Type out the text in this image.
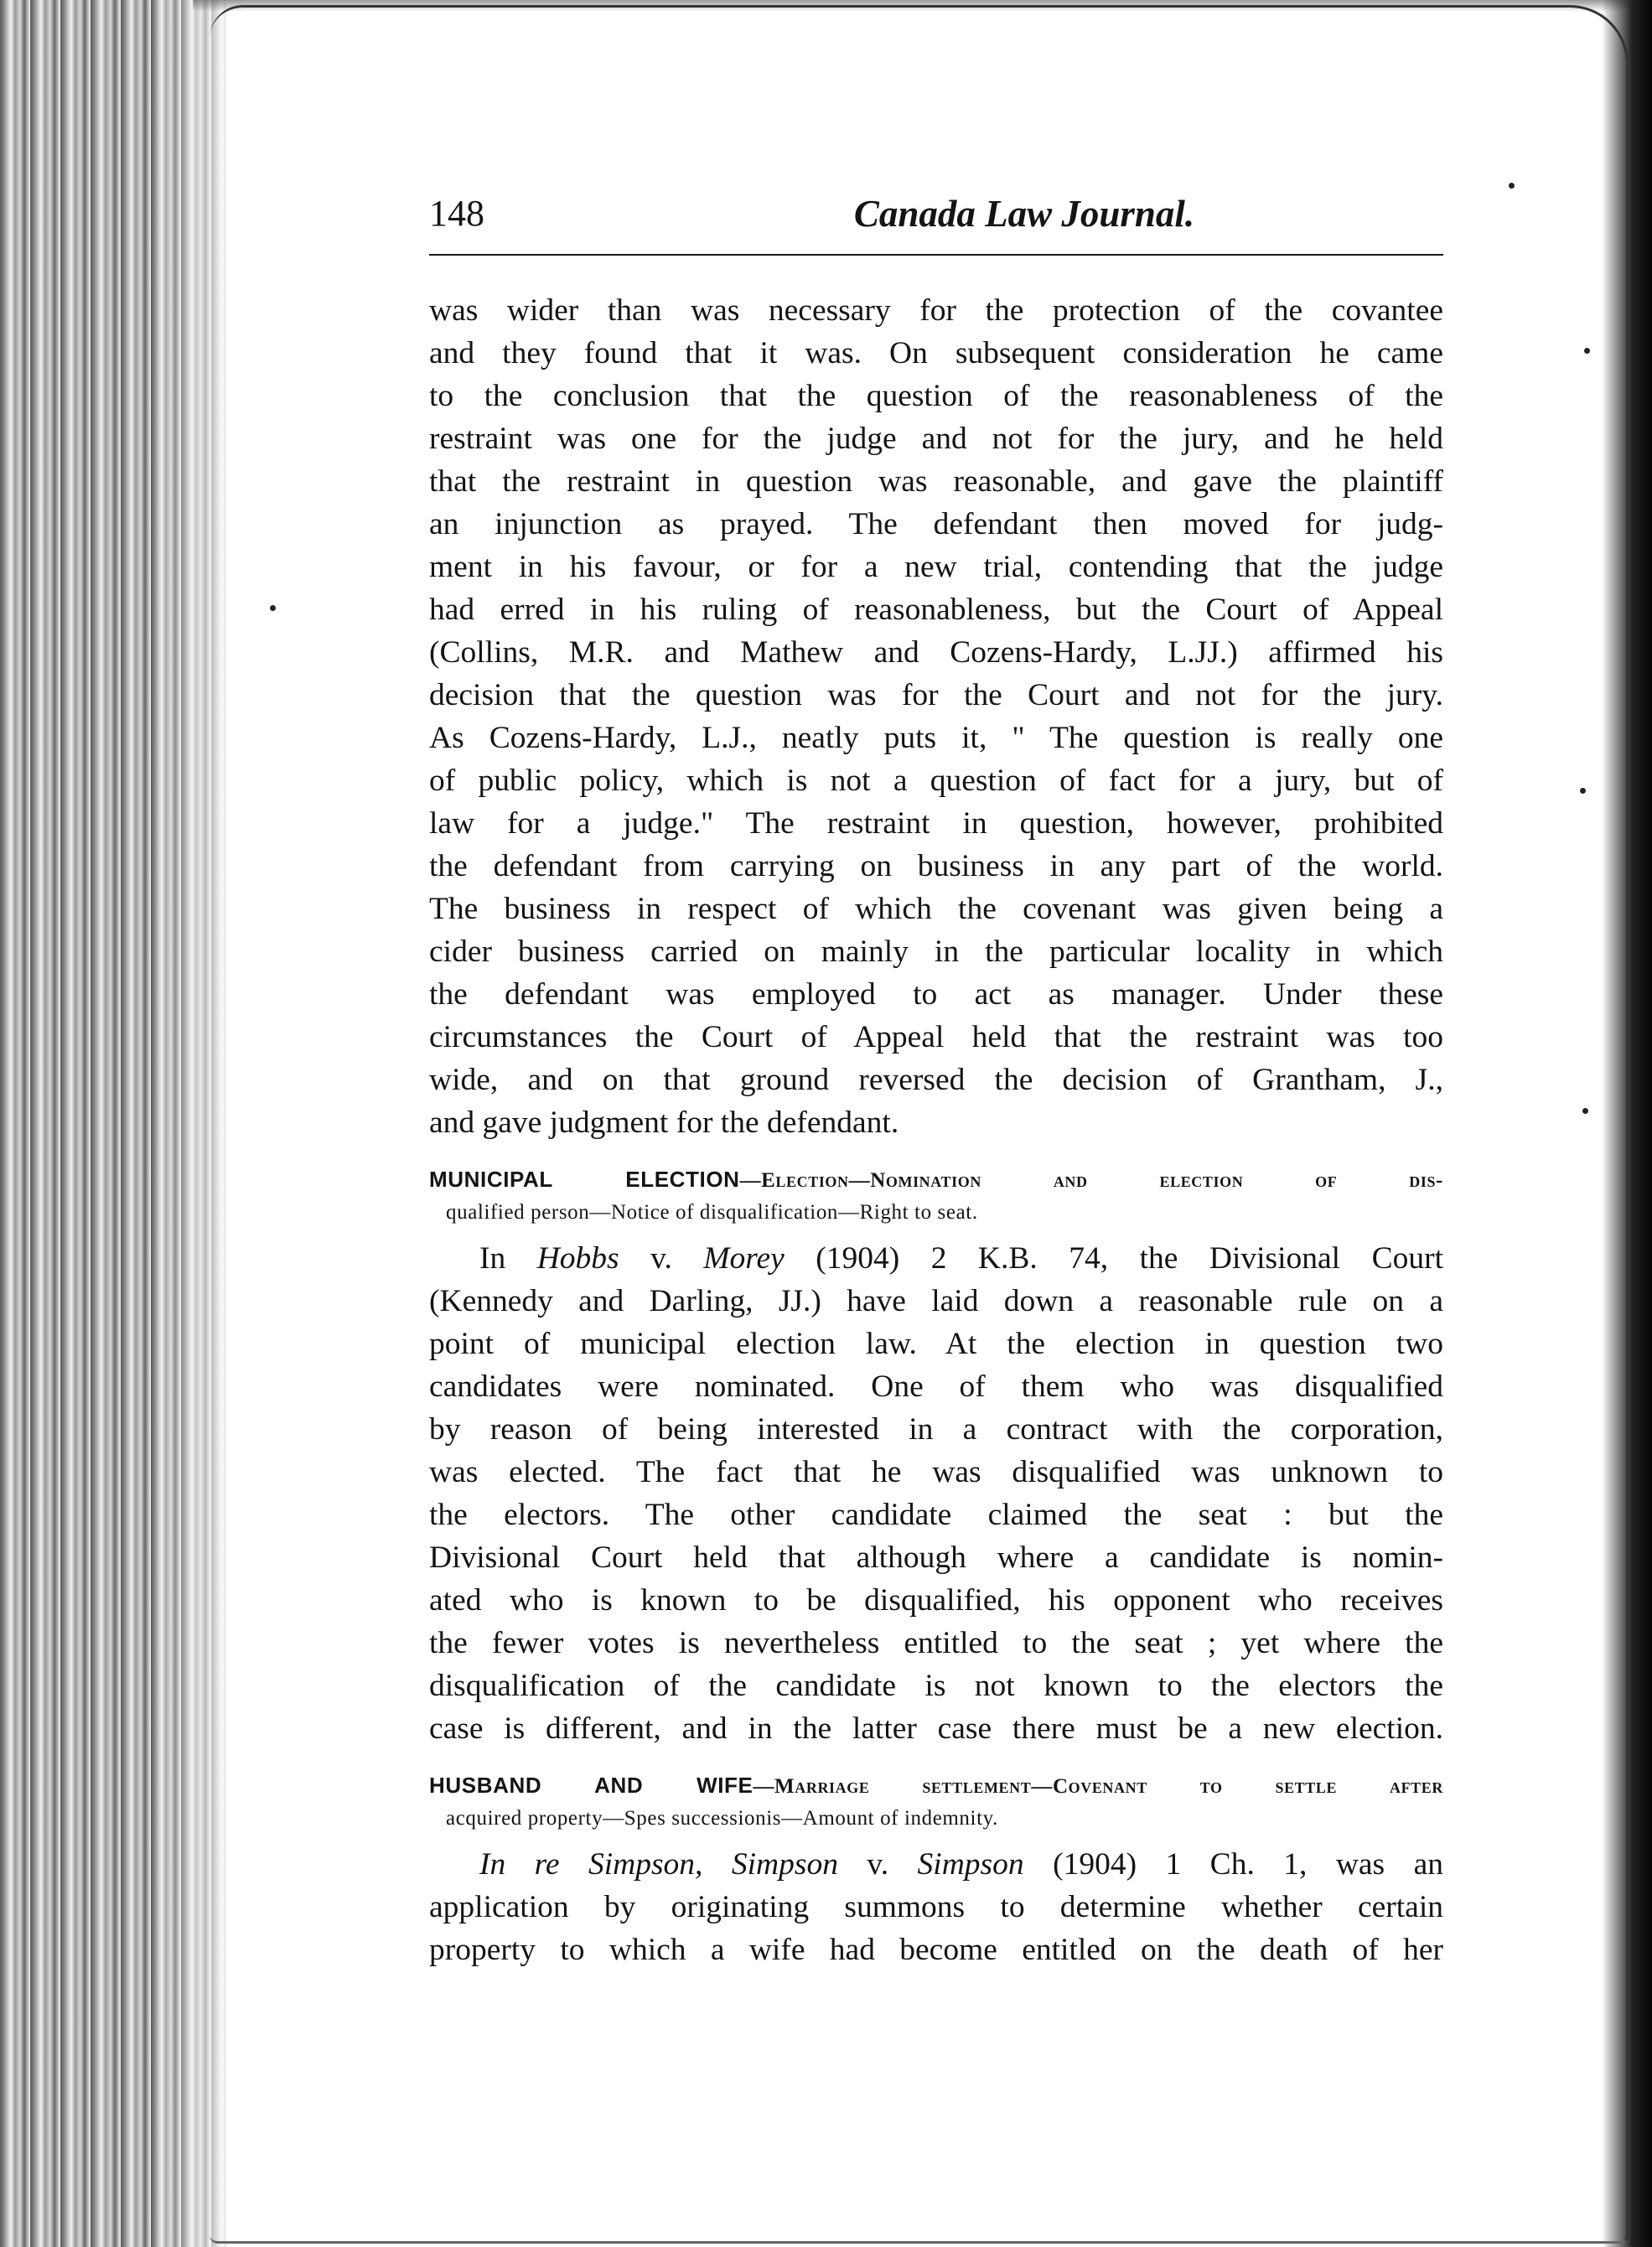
148	Canada Law Journal.
was wider than was necessary for the protection of the covantee
and they found that it was. On subsequent consideration he came
to the conclusion that the question of the reasonableness of the
restraint was one for the judge and not for the jury, and he held
that the restraint in question was reasonable, and gave the plaintiff
an injunction as prayed. The defendant then moved for judg-
ment in his favour, or for a new trial, contending that the judge
had erred in his ruling of reasonableness, but the Court of Appeal
(Collins, M.R. and Mathew and Cozens-Hardy, L.JJ.) affirmed his
decision that the question was for the Court and not for the jury.
As Cozens-Hardy, L.J., neatly puts it, " The question is really one
of public policy, which is not a question of fact for a jury, but of
law for a judge." The restraint in question, however, prohibited
the defendant from carrying on business in any part of the world.
The business in respect of which the covenant was given being a
cider business carried on mainly in the particular locality in which
the defendant was employed to act as manager. Under these
circumstances the Court of Appeal held that the restraint was too
wide, and on that ground reversed the decision of Grantham, J.,
and gave judgment for the defendant.
MUNICIPAL ELECTION—Election—Nomination and election of dis-
qualified person—Notice of disqualification—Right to seat.
In Hobbs v. Morey (1904) 2 K.B. 74, the Divisional Court
(Kennedy and Darling, JJ.) have laid down a reasonable rule on a
point of municipal election law. At the election in question two
candidates were nominated. One of them who was disqualified
by reason of being interested in a contract with the corporation,
was elected. The fact that he was disqualified was unknown to
the electors. The other candidate claimed the seat : but the
Divisional Court held that although where a candidate is nomin-
ated who is known to be disqualified, his opponent who receives
the fewer votes is nevertheless entitled to the seat ; yet where the
disqualification of the candidate is not known to the electors the
case is different, and in the latter case there must be a new election.
HUSBAND AND WIFE—Marriage settlement—Covenant to settle after
acquired property—Spes successionis—Amount of indemnity.
In re Simpson, Simpson v. Simpson (1904) 1 Ch. 1, was an
application by originating summons to determine whether certain
property to which a wife had become entitled on the death of her
